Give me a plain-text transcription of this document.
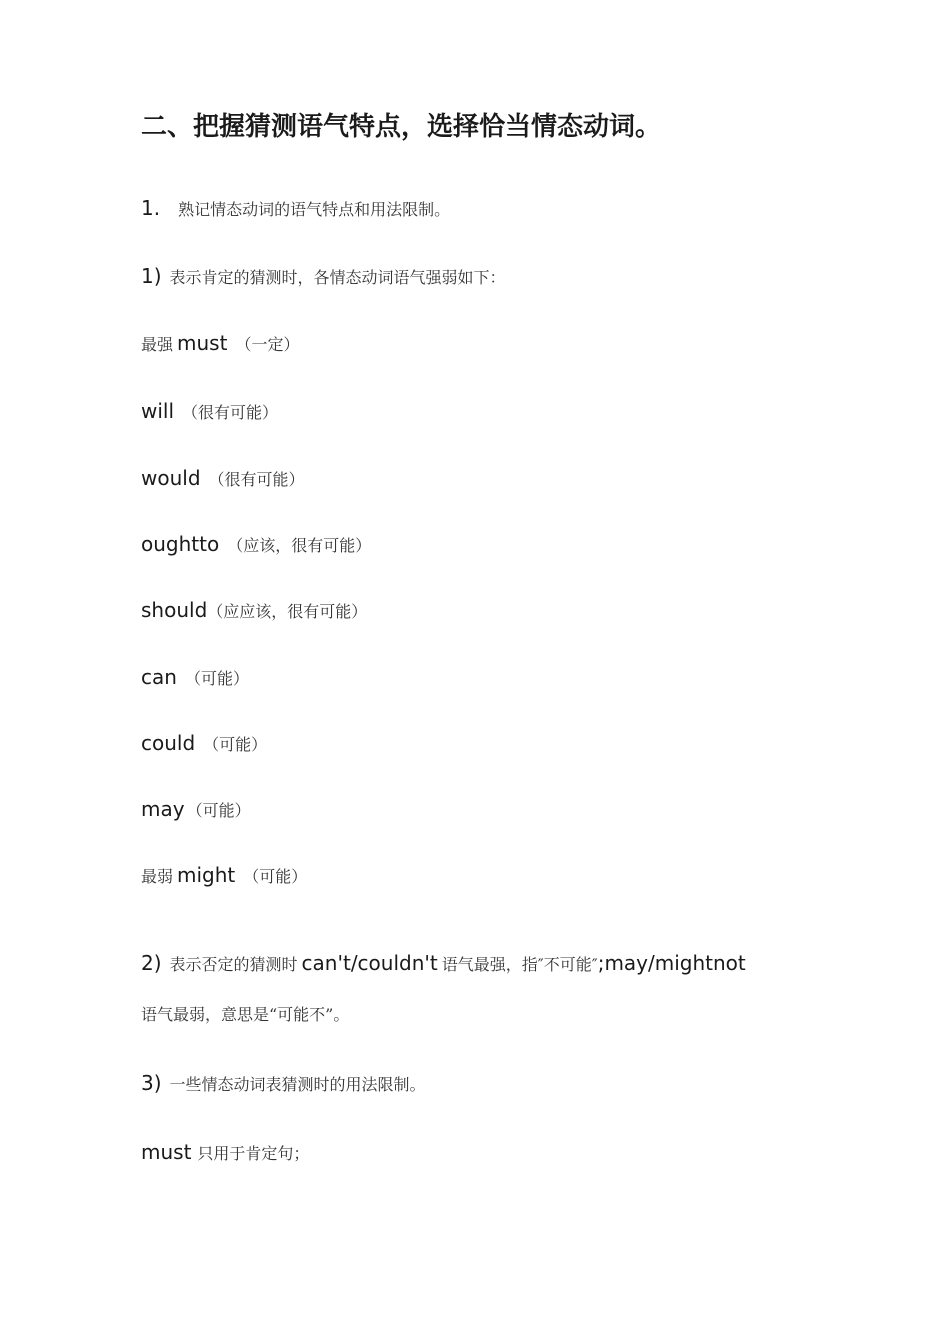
二、把握猜测语气特点，选择恰当情态动词。

1. 熟记情态动词的语气特点和用法限制。

1) 表示肯定的猜测时，各情态动词语气强弱如下：

最强 must （一定）

will （很有可能）

would （很有可能）

oughtto （应该，很有可能）

should（应应该，很有可能）

can （可能）

could （可能）

may （可能）

最弱 might （可能）

2) 表示否定的猜测时 can't/couldn't 语气最强，指″不可能″;may/mightnot

语气最弱，意思是“可能不”。

3) 一些情态动词表猜测时的用法限制。

must 只用于肯定句；
